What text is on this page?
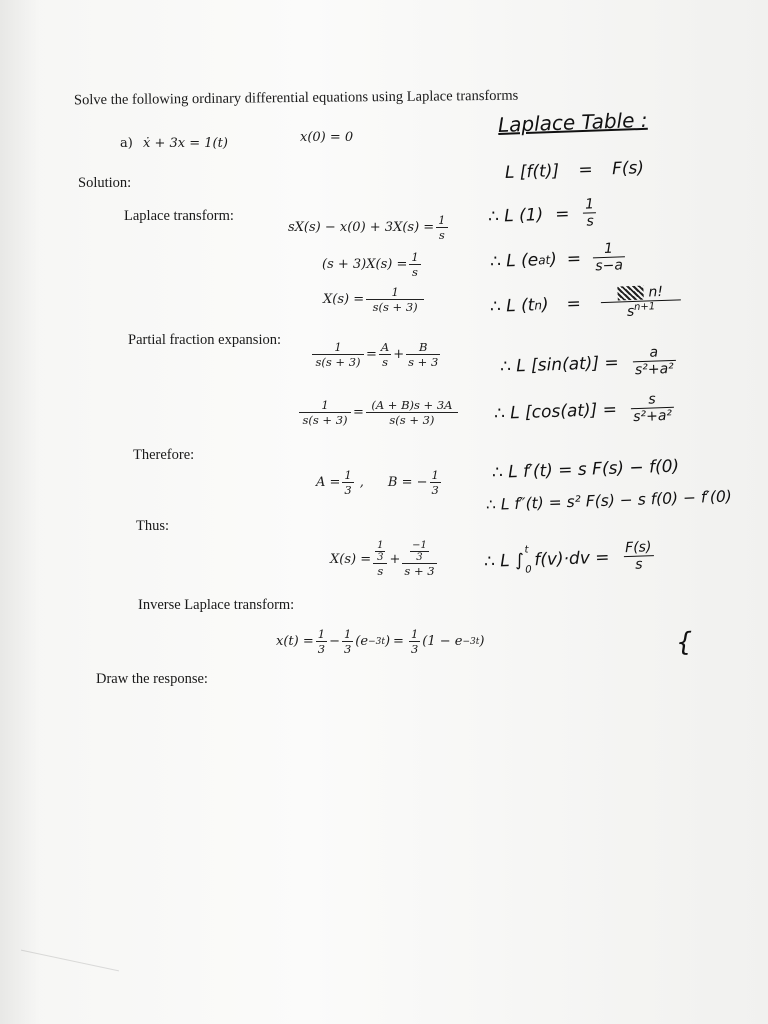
Solve the following ordinary differential equations using Laplace transforms
a) ẋ + 3x = 1(t)	x(0) = 0
Solution:
Laplace transform:
$sX(s) - x(0) + 3X(s) = \frac{1}{s}$
$(s + 3)X(s) = \frac{1}{s}$
$X(s) = \frac{1}{s(s + 3)}$
Partial fraction expansion:	$\frac{1}{s(s + 3)} = \frac{A}{s} + \frac{B}{s + 3}$
$\frac{1}{s(s + 3)} = \frac{(A + B)s + 3A}{s(s + 3)}$
Therefore:
$A = \frac{1}{3}$ , B = − $\frac{1}{3}$
Thus:
$X(s) = \frac{\frac{1}{3}}{s} + \frac{\frac{-1}{3}}{s + 3}$
Inverse Laplace transform:
$x(t) = \frac{1}{3} - \frac{1}{3} (e -3t$ ) = $\frac{1}{3} (1 - e -3t$ )
Draw the response:
Laplace Table :
L [f(t)] = F(s)
∴ L $(1) = \frac{1}{s}$
∴ L (e at ) = $\frac{1}{s-a}$
∴ L (t n ) = $\frac{n!}{s^{n+1}}$
∴ L $[\sin(at)] = \frac{a}{\text{s²+a²}}$
∴ L $[\cos(at)] = \frac{s}{\text{s²+a²}}$
∴ L f′(t) = s F(s) − f(0)
∴ L f″(t) = s² F(s) − s f(0) − f′(0)
∴ L ∫
t
0 $f(v)\cdot dv = \frac{F(s)}{s}$
{
